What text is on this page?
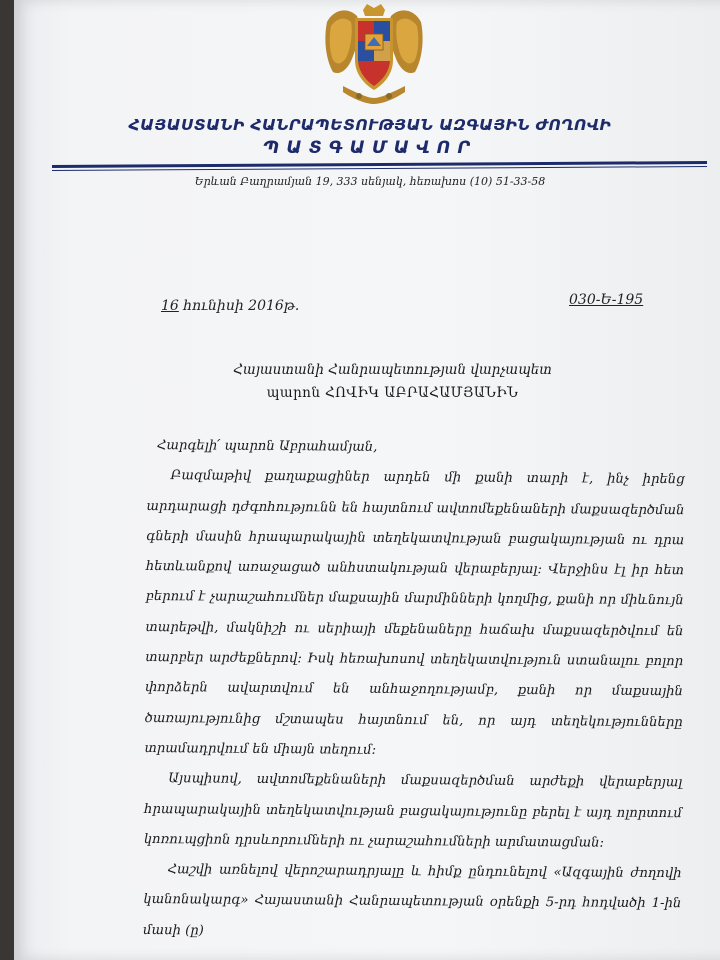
ՀԱՅԱՍՏԱՆԻ ՀԱՆՐԱՊԵՏՈՒԹՅԱՆ ԱԶԳԱՅԻՆ ԺՈՂՈՎԻ
ՊԱՏԳԱՄԱՎՈՐ
Երևան Բաղրամյան 19, 333 սենյակ, հեռախոս (10) 51-33-58
16 հունիսի 2016թ.	030-Ե-195
Հայաստանի Հանրապետության վարչապետ
պարոն ՀՈՎԻԿ ԱԲՐԱՀԱՄՅԱՆԻՆ

Հարգելի՛ պարոն Աբրահամյան,

Բազմաթիվ քաղաքացիներ արդեն մի քանի տարի է, ինչ իրենց արդարացի դժգոհությունն են հայտնում ավտոմեքենաների մաքսազերծման գների մասին հրապարակային տեղեկատվության բացակայության ու դրա հետևանքով առաջացած անհստակության վերաբերյալ: Վերջինս էլ իր հետ բերում է չարաշահումներ մաքսային մարմինների կողմից, քանի որ միևնույն տարեթվի, մակնիշի ու սերիայի մեքենաները հաճախ մաքսազերծվում են տարբեր արժեքներով: Իսկ հեռախոսով տեղեկատվություն ստանալու բոլոր փորձերն ավարտվում են անհաջողությամբ, քանի որ մաքսային ծառայությունից մշտապես հայտնում են, որ այդ տեղեկությունները տրամադրվում են միայն տեղում:

Այսպիսով, ավտոմեքենաների մաքսազերծման արժեքի վերաբերյալ հրապարակային տեղեկատվության բացակայությունը բերել է այդ ոլորտում կոռուպցիոն դրսևորումների ու չարաշահումների արմատացման:

Հաշվի առնելով վերոշարադրյալը և հիմք ընդունելով «Ազգային ժողովի կանոնակարգ» Հայաստանի Հանրապետության օրենքի 5-րդ հոդվածի 1-ին մասի (ը)
